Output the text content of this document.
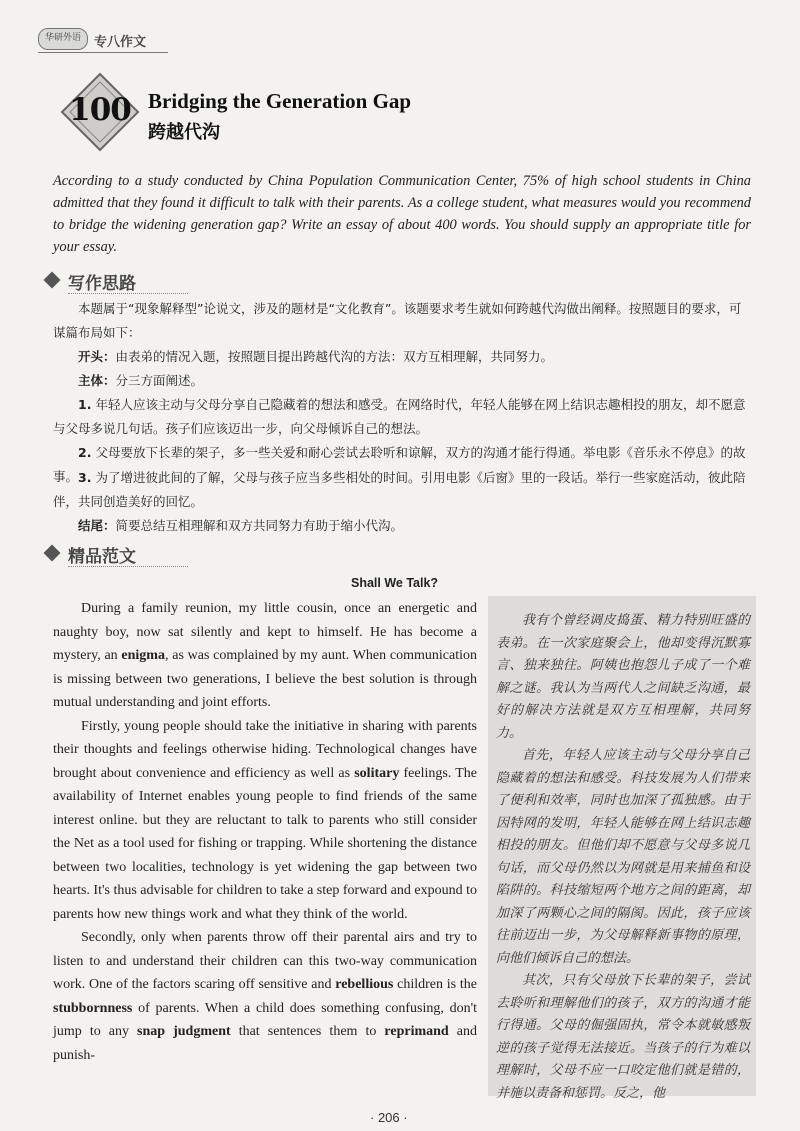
华研外语	专八作文
100 Bridging the Generation Gap
跨越代沟
According to a study conducted by China Population Communication Center, 75% of high school students in China admitted that they found it difficult to talk with their parents. As a college student, what measures would you recommend to bridge the widening generation gap? Write an essay of about 400 words. You should supply an appropriate title for your essay.
写作思路
本题属于“现象解释型”论说文，涉及的题材是“文化教育”。该题要求考生就如何跨越代沟做出阐释。按照题目的要求，可谋篇布局如下：
开头：由表弟的情况入题，按照题目提出跨越代沟的方法：双方互相理解，共同努力。
主体：分三方面阐述。
1. 年轻人应该主动与父母分享自己隐藏着的想法和感受。在网络时代，年轻人能够在网上结识志趣相投的朋友，却不愿意与父母多说几句话。孩子们应该迈出一步，向父母倾诉自己的想法。
2. 父母要放下长辈的架子，多一些关爱和耐心尝试去聆听和谅解，双方的沟通才能行得通。举电影《音乐永不停息》的故事。 3. 为了增进彼此间的了解，父母与孩子应当多些相处的时间。引用电影《后窗》里的一段话。举行一些家庭活动，彼此陪伴，共同创造美好的回忆。
结尾：简要总结互相理解和双方共同努力有助于缩小代沟。
精品范文
Shall We Talk?

During a family reunion, my little cousin, once an energetic and naughty boy, now sat silently and kept to himself. He has become a mystery, an enigma, as was complained by my aunt. When communication is missing between two generations, I believe the best solution is through mutual understanding and joint efforts.

Firstly, young people should take the initiative in sharing with parents their thoughts and feelings otherwise hiding. Technological changes have brought about convenience and efficiency as well as solitary feelings. The availability of Internet enables young people to find friends of the same interest online. but they are reluctant to talk to parents who still consider the Net as a tool used for fishing or trapping. While shortening the distance between two localities, technology is yet widening the gap between two hearts. It's thus advisable for children to take a step forward and expound to parents how new things work and what they think of the world.

Secondly, only when parents throw off their parental airs and try to listen to and understand their children can this two-way communication work. One of the factors scaring off sensitive and rebellious children is the stubbornness of parents. When a child does something confusing, don't jump to any snap judgment that sentences them to reprimand and punish-

我有个曾经调皮捣蛋、精力特别旺盛的表弟。在一次家庭聚会上，他却变得沉默寡言、独来独往。阿姨也抱怨儿子成了一个难解之谜。我认为当两代人之间缺乏沟通，最好的解决方法就是双方互相理解，共同努力。

首先，年轻人应该主动与父母分享自己隐藏着的想法和感受。科技发展为人们带来了便利和效率，同时也加深了孤独感。由于因特网的发明，年轻人能够在网上结识志趣相投的朋友。但他们却不愿意与父母多说几句话，而父母仍然以为网就是用来捕鱼和设陷阱的。科技缩短两个地方之间的距离，却加深了两颗心之间的隔阂。因此，孩子应该往前迈出一步，为父母解释新事物的原理，向他们倾诉自己的想法。

其次，只有父母放下长辈的架子，尝试去聆听和理解他们的孩子，双方的沟通才能行得通。父母的倔强固执，常令本就敏感叛逆的孩子觉得无法接近。当孩子的行为难以理解时，父母不应一口咬定他们就是错的，并施以责备和惩罚。反之，他

· 206 ·
